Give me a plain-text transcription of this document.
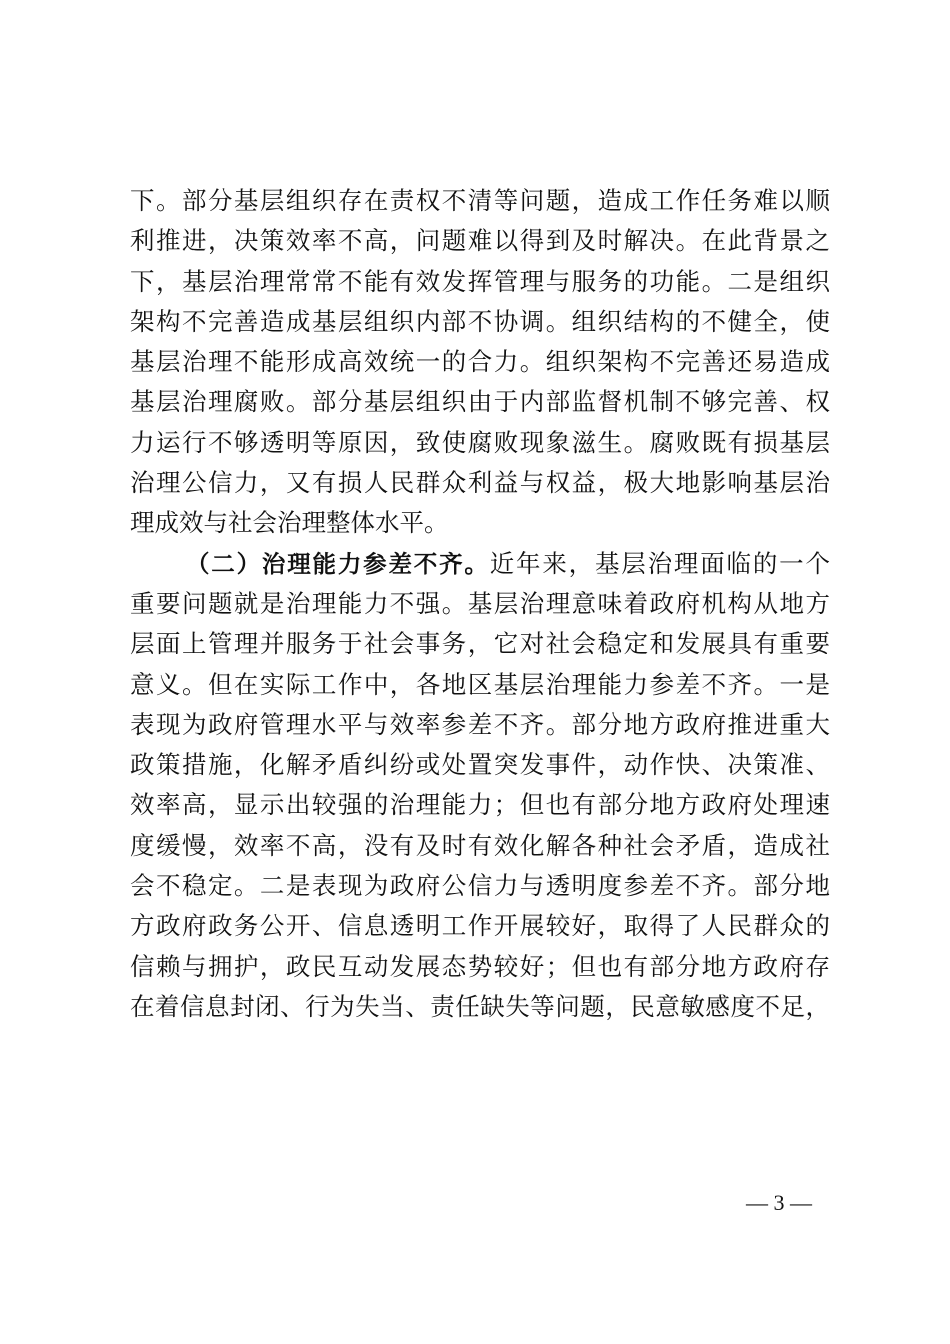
下。部分基层组织存在责权不清等问题，造成工作任务难以顺
利推进，决策效率不高，问题难以得到及时解决。在此背景之
下，基层治理常常不能有效发挥管理与服务的功能。二是组织
架构不完善造成基层组织内部不协调。组织结构的不健全，使
基层治理不能形成高效统一的合力。组织架构不完善还易造成
基层治理腐败。部分基层组织由于内部监督机制不够完善、权
力运行不够透明等原因，致使腐败现象滋生。腐败既有损基层
治理公信力，又有损人民群众利益与权益，极大地影响基层治
理成效与社会治理整体水平。
（二）治理能力参差不齐。近年来，基层治理面临的一个
重要问题就是治理能力不强。基层治理意味着政府机构从地方
层面上管理并服务于社会事务，它对社会稳定和发展具有重要
意义。但在实际工作中，各地区基层治理能力参差不齐。一是
表现为政府管理水平与效率参差不齐。部分地方政府推进重大
政策措施，化解矛盾纠纷或处置突发事件，动作快、决策准、
效率高，显示出较强的治理能力；但也有部分地方政府处理速
度缓慢，效率不高，没有及时有效化解各种社会矛盾，造成社
会不稳定。二是表现为政府公信力与透明度参差不齐。部分地
方政府政务公开、信息透明工作开展较好，取得了人民群众的
信赖与拥护，政民互动发展态势较好；但也有部分地方政府存
在着信息封闭、行为失当、责任缺失等问题，民意敏感度不足，
— 3 —
